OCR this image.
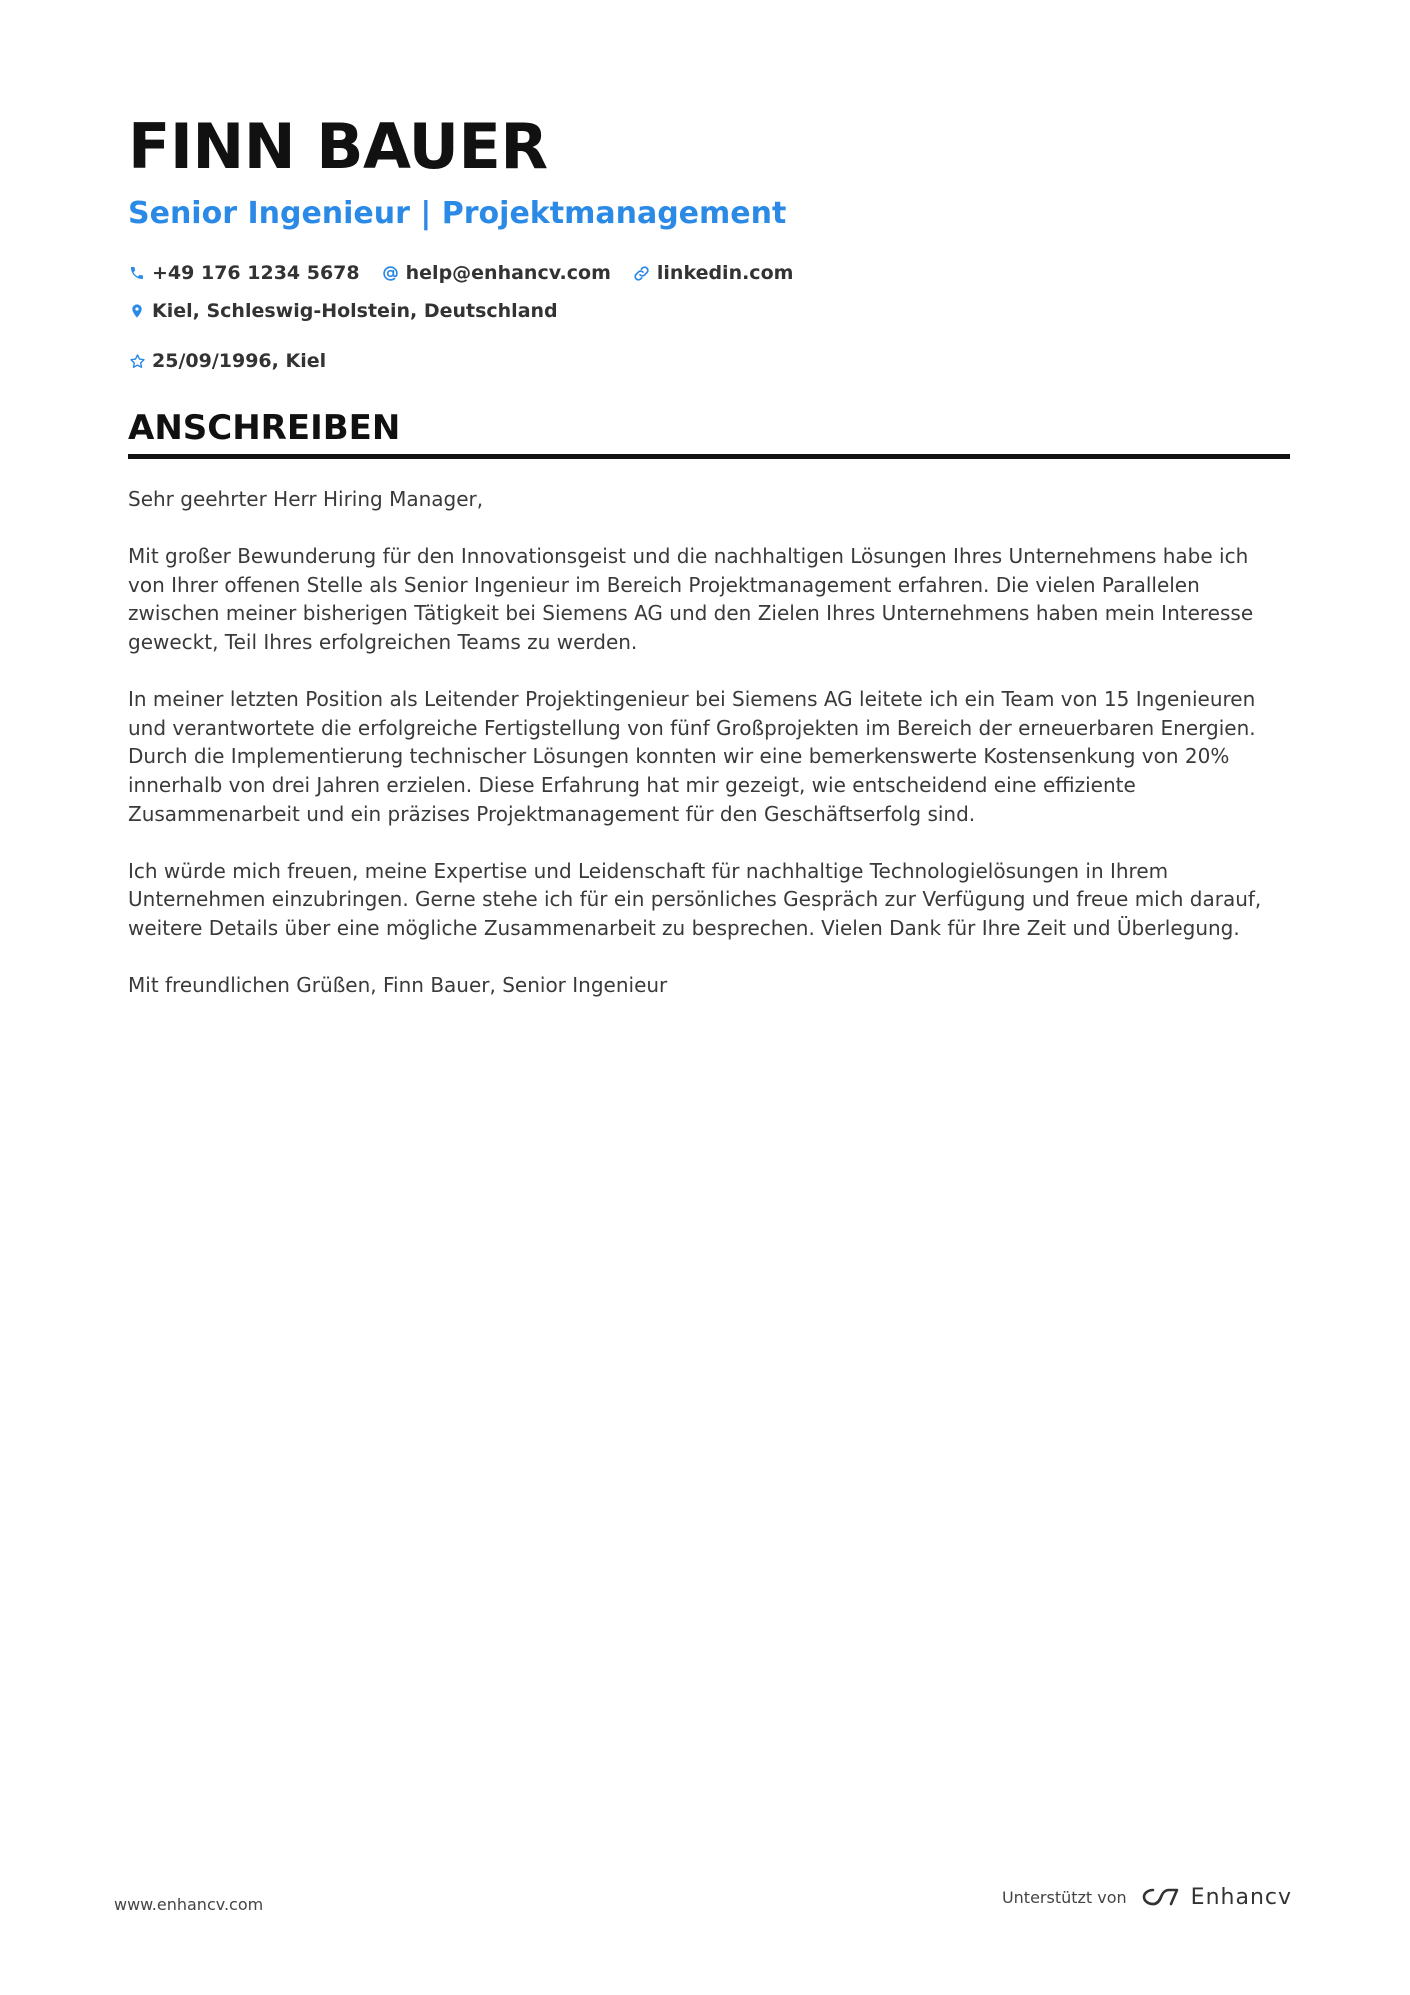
FINN BAUER
Senior Ingenieur | Projektmanagement
+49 176 1234 5678 help@enhancv.com linkedin.com
Kiel, Schleswig-Holstein, Deutschland
25/09/1996, Kiel
ANSCHREIBEN

Sehr geehrter Herr Hiring Manager,

Mit großer Bewunderung für den Innovationsgeist und die nachhaltigen Lösungen Ihres Unternehmens habe ich von Ihrer offenen Stelle als Senior Ingenieur im Bereich Projektmanagement erfahren. Die vielen Parallelen zwischen meiner bisherigen Tätigkeit bei Siemens AG und den Zielen Ihres Unternehmens haben mein Interesse geweckt, Teil Ihres erfolgreichen Teams zu werden.

In meiner letzten Position als Leitender Projektingenieur bei Siemens AG leitete ich ein Team von 15 Ingenieuren und verantwortete die erfolgreiche Fertigstellung von fünf Großprojekten im Bereich der erneuerbaren Energien. Durch die Implementierung technischer Lösungen konnten wir eine bemerkenswerte Kostensenkung von 20% innerhalb von drei Jahren erzielen. Diese Erfahrung hat mir gezeigt, wie entscheidend eine effiziente Zusammenarbeit und ein präzises Projektmanagement für den Geschäftserfolg sind.

Ich würde mich freuen, meine Expertise und Leidenschaft für nachhaltige Technologielösungen in Ihrem Unternehmen einzubringen. Gerne stehe ich für ein persönliches Gespräch zur Verfügung und freue mich darauf, weitere Details über eine mögliche Zusammenarbeit zu besprechen. Vielen Dank für Ihre Zeit und Überlegung.

Mit freundlichen Grüßen, Finn Bauer, Senior Ingenieur

www.enhancv.com	Unterstützt von	Enhancv
